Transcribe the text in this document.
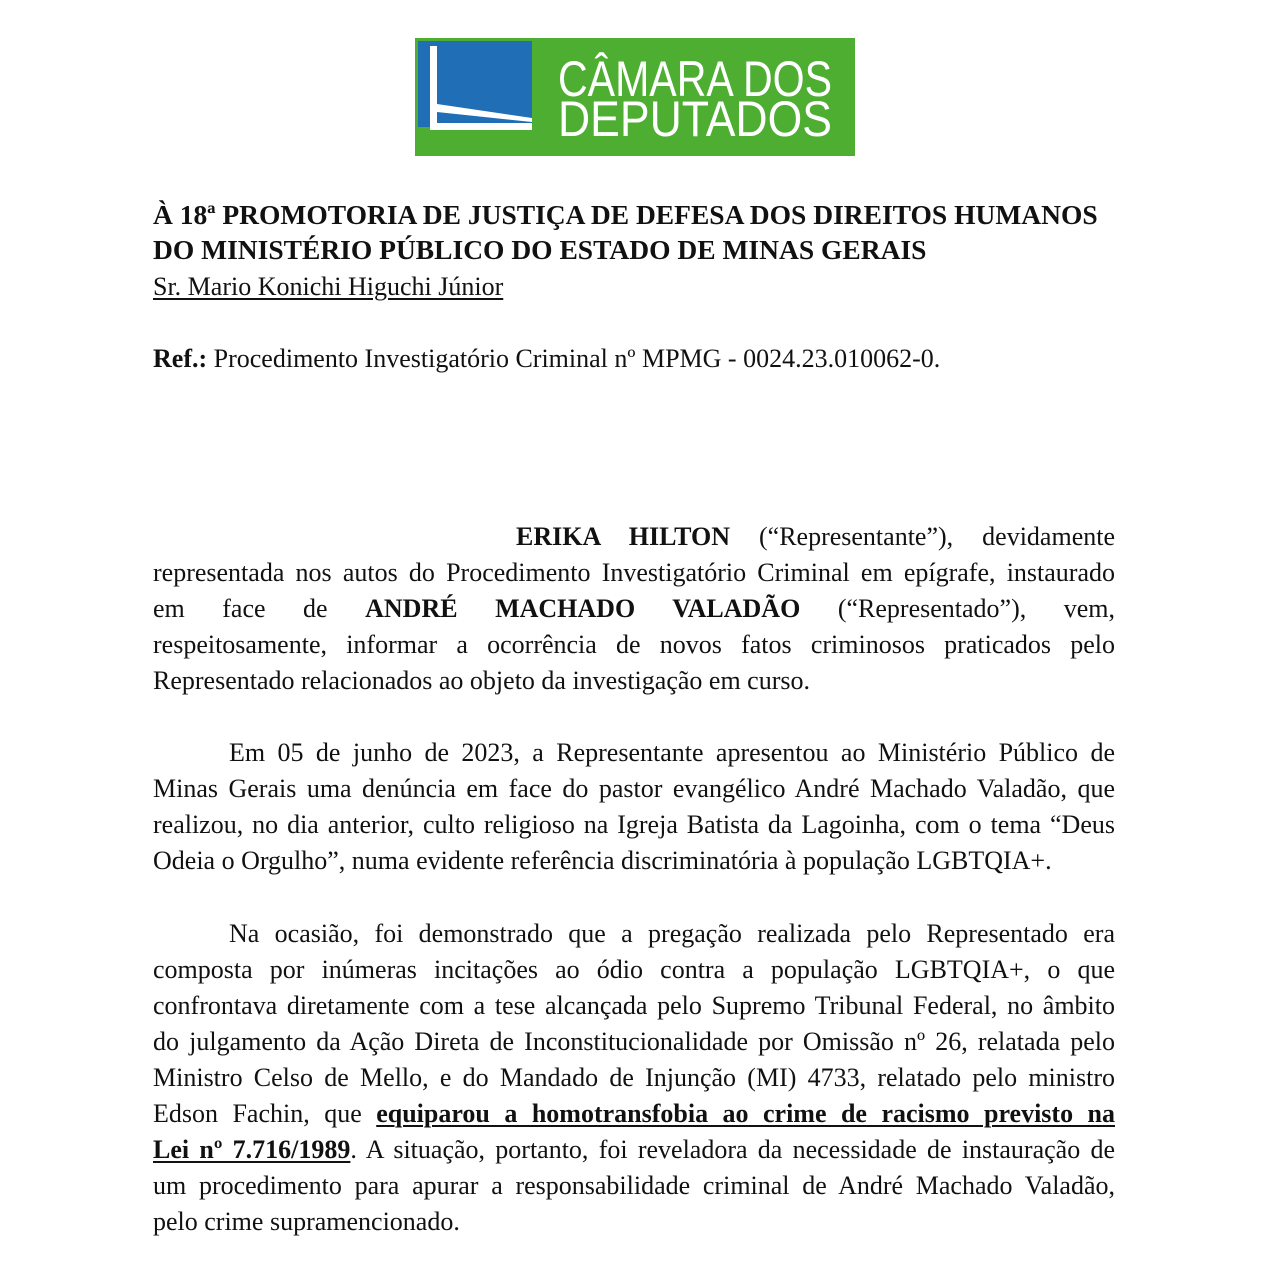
CÂMARA DOS
DEPUTADOS
À 18ª PROMOTORIA DE JUSTIÇA DE DEFESA DOS DIREITOS HUMANOS
DO MINISTÉRIO PÚBLICO DO ESTADO DE MINAS GERAIS
Sr. Mario Konichi Higuchi Júnior
Ref.: Procedimento Investigatório Criminal nº MPMG - 0024.23.010062-0.
ERIKA HILTON (“Representante”), devidamente
representada nos autos do Procedimento Investigatório Criminal em epígrafe, instaurado
em face de ANDRÉ MACHADO VALADÃO (“Representado”), vem,
respeitosamente, informar a ocorrência de novos fatos criminosos praticados pelo
Representado relacionados ao objeto da investigação em curso.
Em 05 de junho de 2023, a Representante apresentou ao Ministério Público de
Minas Gerais uma denúncia em face do pastor evangélico André Machado Valadão, que
realizou, no dia anterior, culto religioso na Igreja Batista da Lagoinha, com o tema “Deus
Odeia o Orgulho”, numa evidente referência discriminatória à população LGBTQIA+.
Na ocasião, foi demonstrado que a pregação realizada pelo Representado era
composta por inúmeras incitações ao ódio contra a população LGBTQIA+, o que
confrontava diretamente com a tese alcançada pelo Supremo Tribunal Federal, no âmbito
do julgamento da Ação Direta de Inconstitucionalidade por Omissão nº 26, relatada pelo
Ministro Celso de Mello, e do Mandado de Injunção (MI) 4733, relatado pelo ministro
Edson Fachin, que equiparou a homotransfobia ao crime de racismo previsto na
Lei nº 7.716/1989. A situação, portanto, foi reveladora da necessidade de instauração de
um procedimento para apurar a responsabilidade criminal de André Machado Valadão,
pelo crime supramencionado.
